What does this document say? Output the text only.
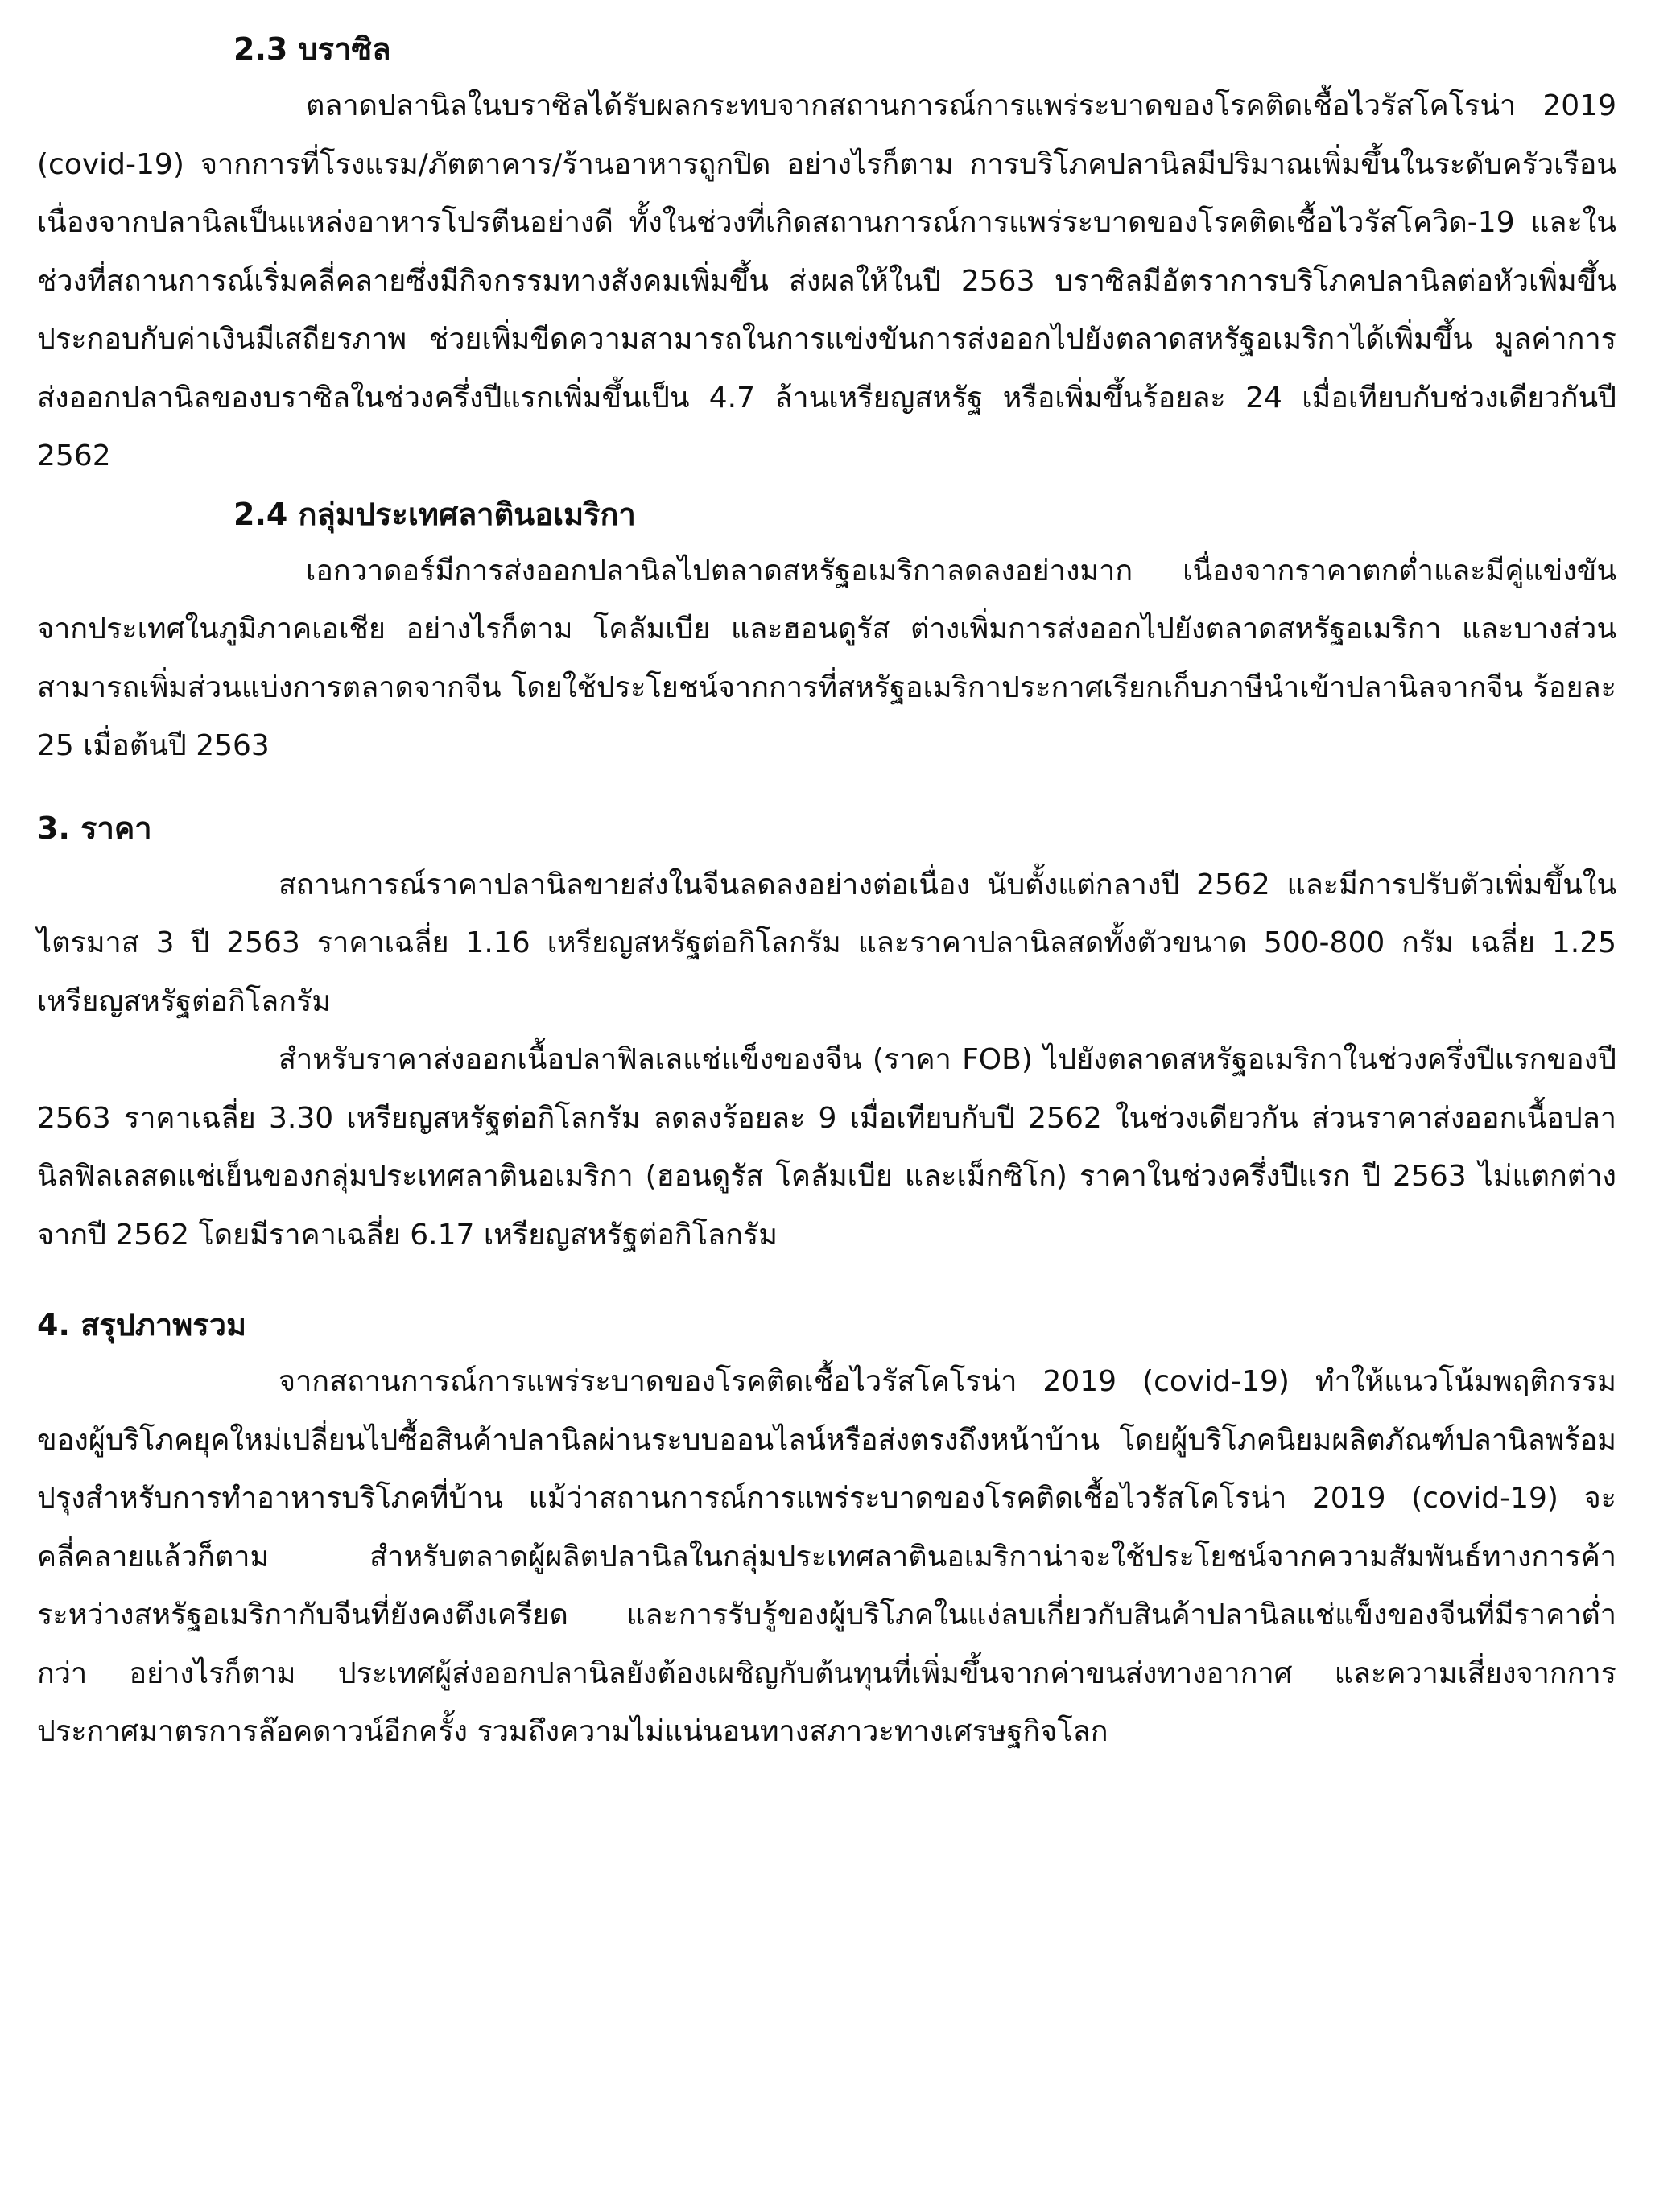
2.3 บราซิล

ตลาดปลานิลในบราซิลได้รับผลกระทบจากสถานการณ์การแพร่ระบาดของโรคติดเชื้อไวรัสโคโรน่า 2019 (covid-19) จากการที่โรงแรม/ภัตตาคาร/ร้านอาหารถูกปิด อย่างไรก็ตาม การบริโภคปลานิลมีปริมาณเพิ่มขึ้นในระดับครัวเรือน เนื่องจากปลานิลเป็นแหล่งอาหารโปรตีนอย่างดี ทั้งในช่วงที่เกิดสถานการณ์การแพร่ระบาดของโรคติดเชื้อไวรัสโควิด-19 และในช่วงที่สถานการณ์เริ่มคลี่คลายซึ่งมีกิจกรรมทางสังคมเพิ่มขึ้น ส่งผลให้ในปี 2563 บราซิลมีอัตราการบริโภคปลานิลต่อหัวเพิ่มขึ้น ประกอบกับค่าเงินมีเสถียรภาพ ช่วยเพิ่มขีดความสามารถในการแข่งขันการส่งออกไปยังตลาดสหรัฐอเมริกาได้เพิ่มขึ้น มูลค่าการส่งออกปลานิลของบราซิลในช่วงครึ่งปีแรกเพิ่มขึ้นเป็น 4.7 ล้านเหรียญสหรัฐ หรือเพิ่มขึ้นร้อยละ 24 เมื่อเทียบกับช่วงเดียวกันปี 2562

2.4 กลุ่มประเทศลาตินอเมริกา

เอกวาดอร์มีการส่งออกปลานิลไปตลาดสหรัฐอเมริกาลดลงอย่างมาก เนื่องจากราคาตกต่ำและมีคู่แข่งขันจากประเทศในภูมิภาคเอเชีย อย่างไรก็ตาม โคลัมเบีย และฮอนดูรัส ต่างเพิ่มการส่งออกไปยังตลาดสหรัฐอเมริกา และบางส่วนสามารถเพิ่มส่วนแบ่งการตลาดจากจีน โดยใช้ประโยชน์จากการที่สหรัฐอเมริกาประกาศเรียกเก็บภาษีนำเข้าปลานิลจากจีน ร้อยละ 25 เมื่อต้นปี 2563

3. ราคา

สถานการณ์ราคาปลานิลขายส่งในจีนลดลงอย่างต่อเนื่อง นับตั้งแต่กลางปี 2562 และมีการปรับตัวเพิ่มขึ้นในไตรมาส 3 ปี 2563 ราคาเฉลี่ย 1.16 เหรียญสหรัฐต่อกิโลกรัม และราคาปลานิลสดทั้งตัวขนาด 500-800 กรัม เฉลี่ย 1.25 เหรียญสหรัฐต่อกิโลกรัม

สำหรับราคาส่งออกเนื้อปลาฟิลเลแช่แข็งของจีน (ราคา FOB) ไปยังตลาดสหรัฐอเมริกาในช่วงครึ่งปีแรกของปี 2563 ราคาเฉลี่ย 3.30 เหรียญสหรัฐต่อกิโลกรัม ลดลงร้อยละ 9 เมื่อเทียบกับปี 2562 ในช่วงเดียวกัน ส่วนราคาส่งออกเนื้อปลานิลฟิลเลสดแช่เย็นของกลุ่มประเทศลาตินอเมริกา (ฮอนดูรัส โคลัมเบีย และเม็กซิโก) ราคาในช่วงครึ่งปีแรก ปี 2563 ไม่แตกต่างจากปี 2562 โดยมีราคาเฉลี่ย 6.17 เหรียญสหรัฐต่อกิโลกรัม

4. สรุปภาพรวม

จากสถานการณ์การแพร่ระบาดของโรคติดเชื้อไวรัสโคโรน่า 2019 (covid-19) ทำให้แนวโน้มพฤติกรรมของผู้บริโภคยุคใหม่เปลี่ยนไปซื้อสินค้าปลานิลผ่านระบบออนไลน์หรือส่งตรงถึงหน้าบ้าน โดยผู้บริโภคนิยมผลิตภัณฑ์ปลานิลพร้อมปรุงสำหรับการทำอาหารบริโภคที่บ้าน แม้ว่าสถานการณ์การแพร่ระบาดของโรคติดเชื้อไวรัสโคโรน่า 2019 (covid-19) จะคลี่คลายแล้วก็ตาม สำหรับตลาดผู้ผลิตปลานิลในกลุ่มประเทศลาตินอเมริกาน่าจะใช้ประโยชน์จากความสัมพันธ์ทางการค้าระหว่างสหรัฐอเมริกากับจีนที่ยังคงตึงเครียด และการรับรู้ของผู้บริโภคในแง่ลบเกี่ยวกับสินค้าปลานิลแช่แข็งของจีนที่มีราคาต่ำกว่า อย่างไรก็ตาม ประเทศผู้ส่งออกปลานิลยังต้องเผชิญกับต้นทุนที่เพิ่มขึ้นจากค่าขนส่งทางอากาศ และความเสี่ยงจากการประกาศมาตรการล๊อคดาวน์อีกครั้ง รวมถึงความไม่แน่นอนทางสภาวะทางเศรษฐกิจโลก
